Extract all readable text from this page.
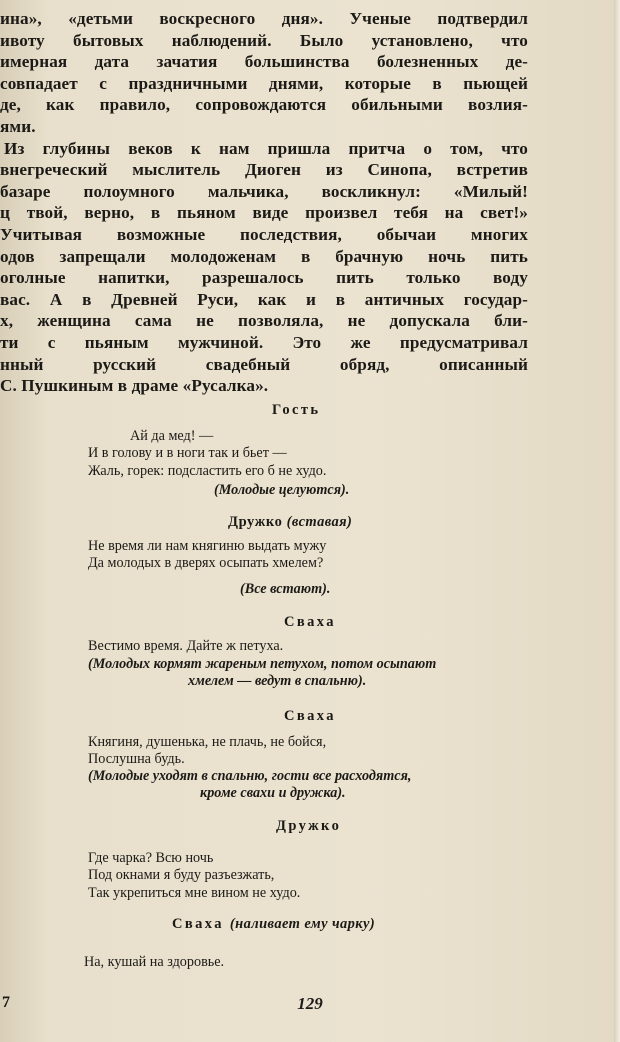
ина», «детьми воскресного дня». Ученые подтвердил
ивоту бытовых наблюдений. Было установлено, что
имерная дата зачатия большинства болезненных де-
совпадает с праздничными днями, которые в пьющей
де, как правило, сопровождаются обильными возлия-
ями.
Из глубины веков к нам пришла притча о том, что
внегреческий мыслитель Диоген из Синопа, встретив
базаре полоумного мальчика, воскликнул: «Милый!
ц твой, верно, в пьяном виде произвел тебя на свет!»
Учитывая возможные последствия, обычаи многих
одов запрещали молодоженам в брачную ночь пить
оголные напитки, разрешалось пить только воду
вас. А в Древней Руси, как и в античных государ-
х, женщина сама не позволяла, не допускала бли-
ти с пьяным мужчиной. Это же предусматривал
нный русский свадебный обряд, описанный
С. Пушкиным в драме «Русалка».
Гость
Ай да мед! —
И в голову и в ноги так и бьет —
Жаль, горек: подсластить его б не худо.
(Молодые целуются).
Дружко (вставая)
Не время ли нам княгиню выдать мужу
Да молодых в дверях осыпать хмелем?
(Все встают).
Сваха
Вестимо время. Дайте ж петуха.
(Молодых кормят жареным петухом, потом осыпают
хмелем — ведут в спальню).
Сваха
Княгиня, душенька, не плачь, не бойся,
Послушна будь.
(Молодые уходят в спальню, гости все расходятся,
кроме свахи и дружка).
Дружко
Где чарка? Всю ночь
Под окнами я буду разъезжать,
Так укрепиться мне вином не худо.
Сваха (наливает ему чарку)
На, кушай на здоровье.
7	129
